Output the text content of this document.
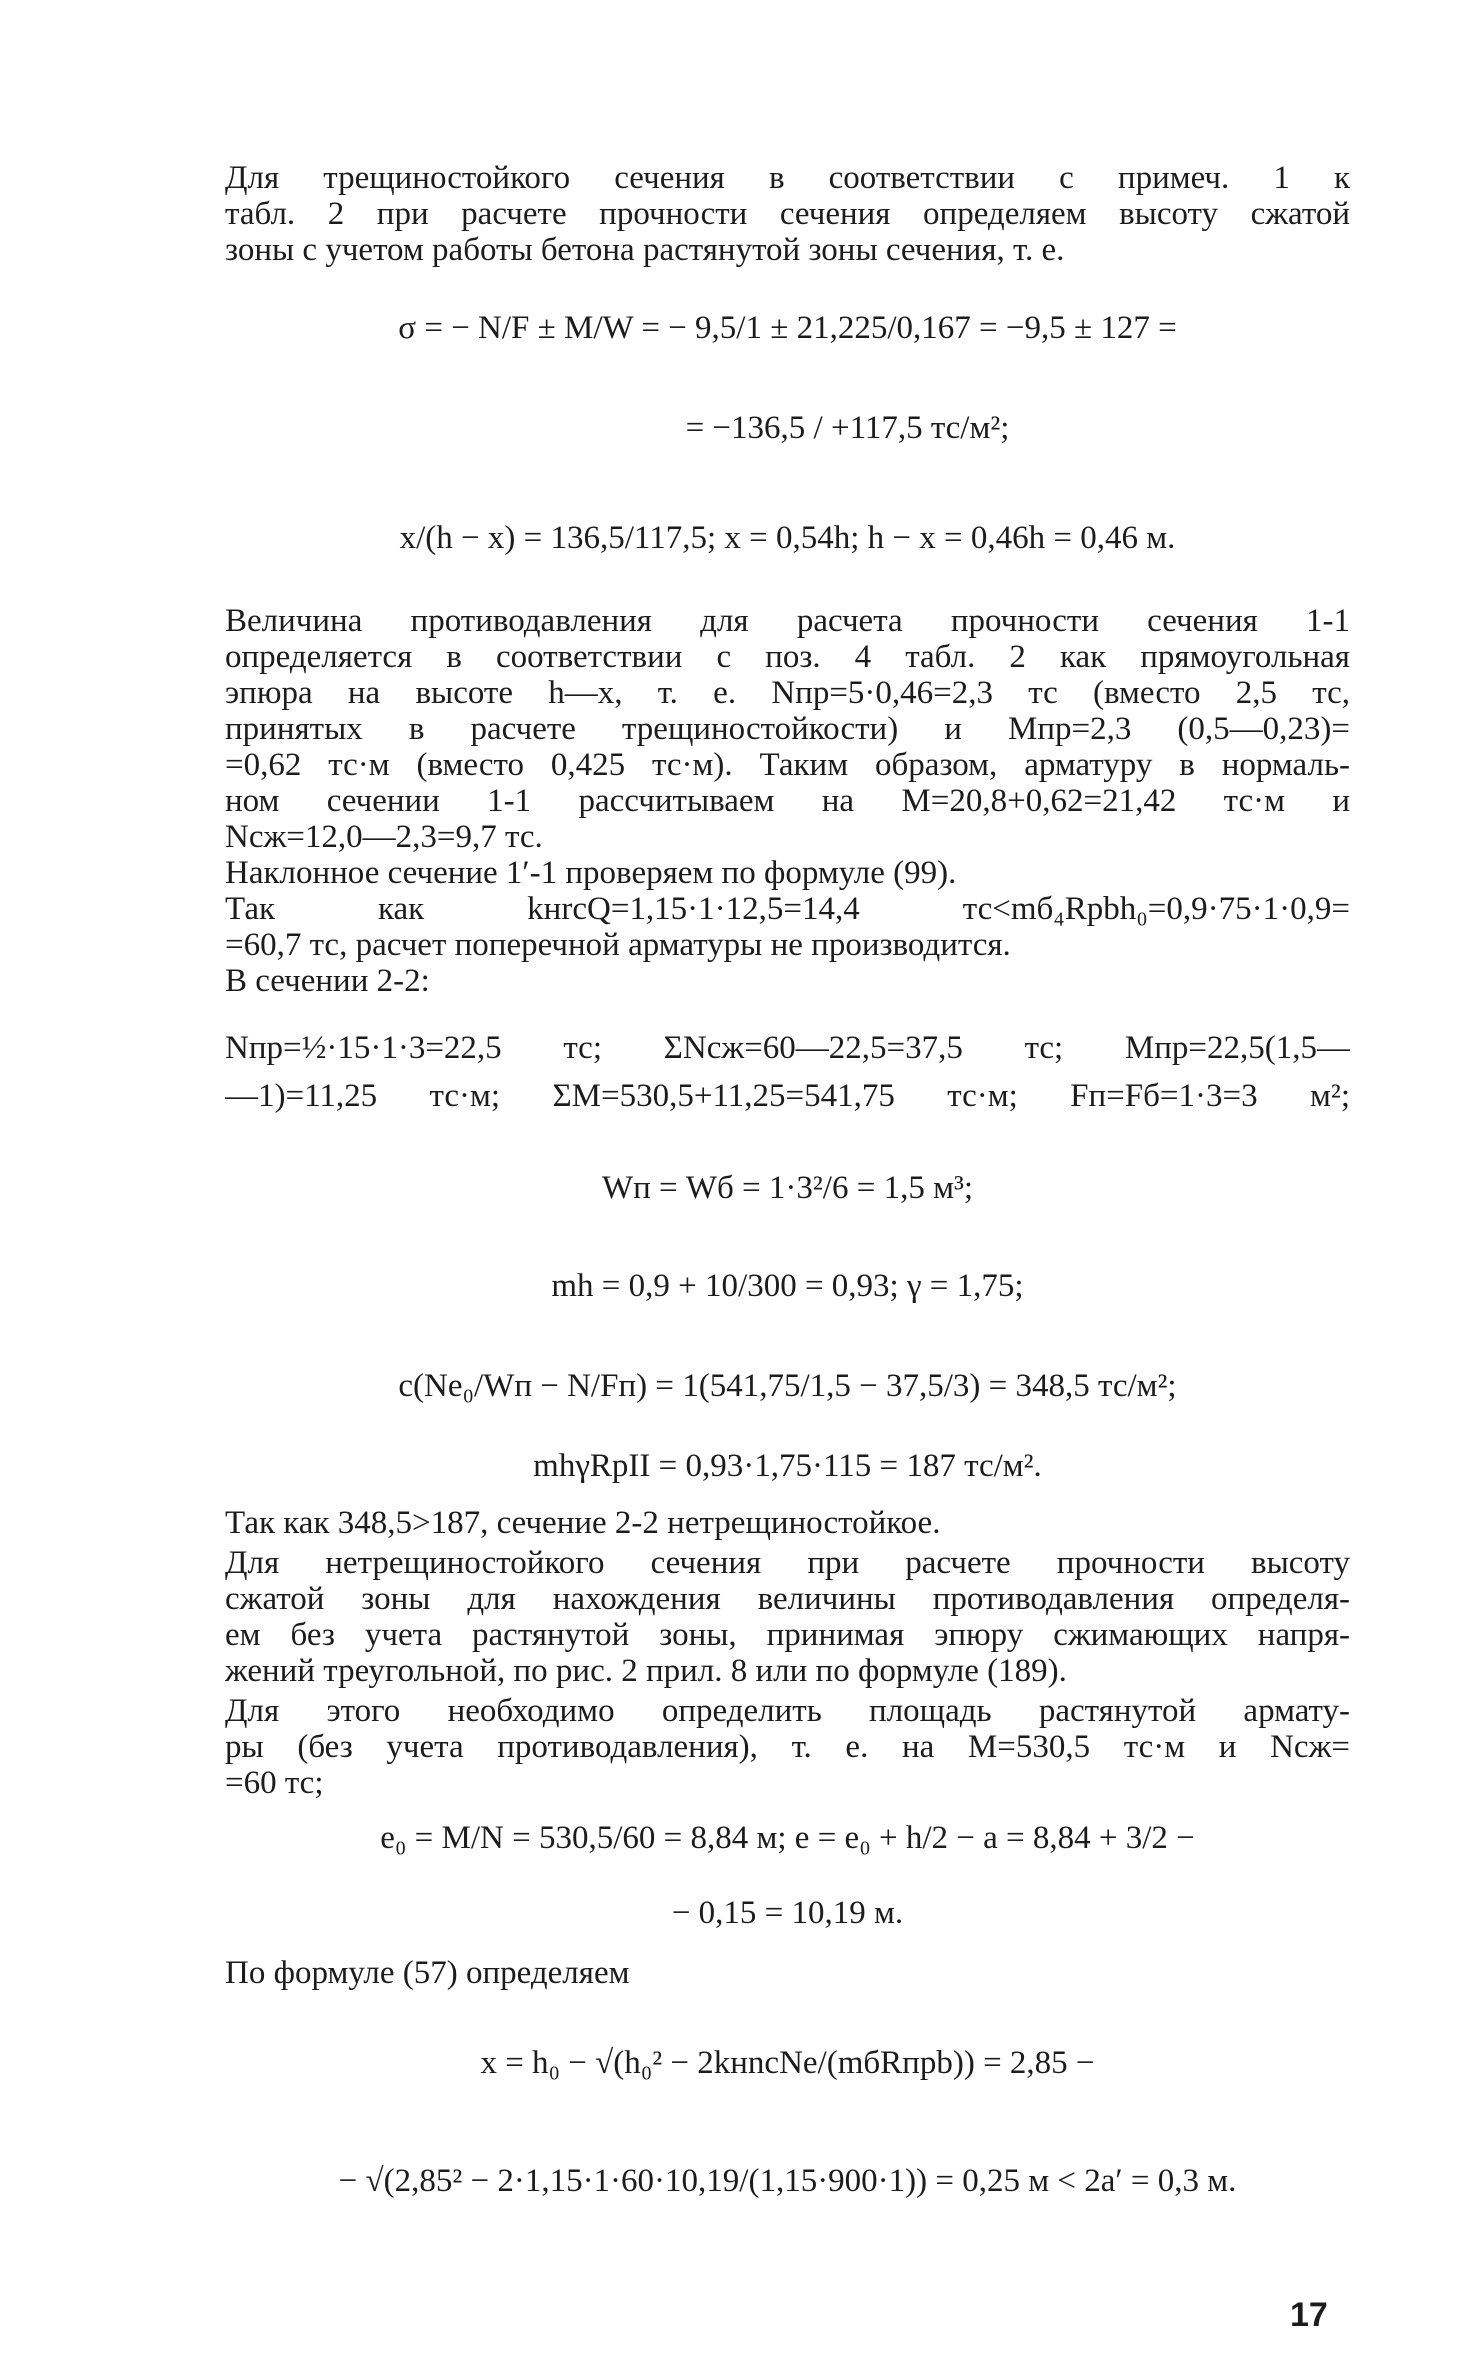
Для трещиностойкого сечения в соответствии с примеч. 1 к
табл. 2 при расчете прочности сечения определяем высоту сжатой
зоны с учетом работы бетона растянутой зоны сечения, т. е.
σ = − N/F ± M/W = − 9,5/1 ± 21,225/0,167 = −9,5 ± 127 =
= −136,5 / +117,5 тс/м²;
x/(h − x) = 136,5/117,5; x = 0,54h; h − x = 0,46h = 0,46 м.
Величина противодавления для расчета прочности сечения 1-1
определяется в соответствии с поз. 4 табл. 2 как прямоугольная
эпюра на высоте h—x, т. е. Nпр=5·0,46=2,3 тс (вместо 2,5 тс,
принятых в расчете трещиностойкости) и Мпр=2,3 (0,5—0,23)=
=0,62 тс·м (вместо 0,425 тс·м). Таким образом, арматуру в нормаль-
ном сечении 1-1 рассчитываем на М=20,8+0,62=21,42 тс·м и
Nсж=12,0—2,3=9,7 тс.
Наклонное сечение 1′-1 проверяем по формуле (99).
Так как kнrсQ=1,15·1·12,5=14,4 тс<mб₄Rрbh₀=0,9·75·1·0,9=
=60,7 тс, расчет поперечной арматуры не производится.
В сечении 2-2:
Nпр=½·15·1·3=22,5 тс; ΣNсж=60—22,5=37,5 тс; Мпр=22,5(1,5—
—1)=11,25 тс·м; ΣМ=530,5+11,25=541,75 тс·м; Fп=Fб=1·3=3 м²;
Wп = Wб = 1·3²/6 = 1,5 м³;
mh = 0,9 + 10/300 = 0,93; γ = 1,75;
c(Ne₀/Wп − N/Fп) = 1(541,75/1,5 − 37,5/3) = 348,5 тс/м²;
mhγRрII = 0,93·1,75·115 = 187 тс/м².
Так как 348,5>187, сечение 2-2 нетрещиностойкое.
Для нетрещиностойкого сечения при расчете прочности высоту
сжатой зоны для нахождения величины противодавления определя-
ем без учета растянутой зоны, принимая эпюру сжимающих напря-
жений треугольной, по рис. 2 прил. 8 или по формуле (189).
Для этого необходимо определить площадь растянутой армату-
ры (без учета противодавления), т. е. на М=530,5 тс·м и Nсж=
=60 тс;
e₀ = M/N = 530,5/60 = 8,84 м; e = e₀ + h/2 − a = 8,84 + 3/2 −
− 0,15 = 10,19 м.
По формуле (57) определяем
x = h₀ − √(h₀² − 2kнnсNe/(mбRпрb)) = 2,85 −
− √(2,85² − 2·1,15·1·60·10,19/(1,15·900·1)) = 0,25 м < 2a′ = 0,3 м.
17
